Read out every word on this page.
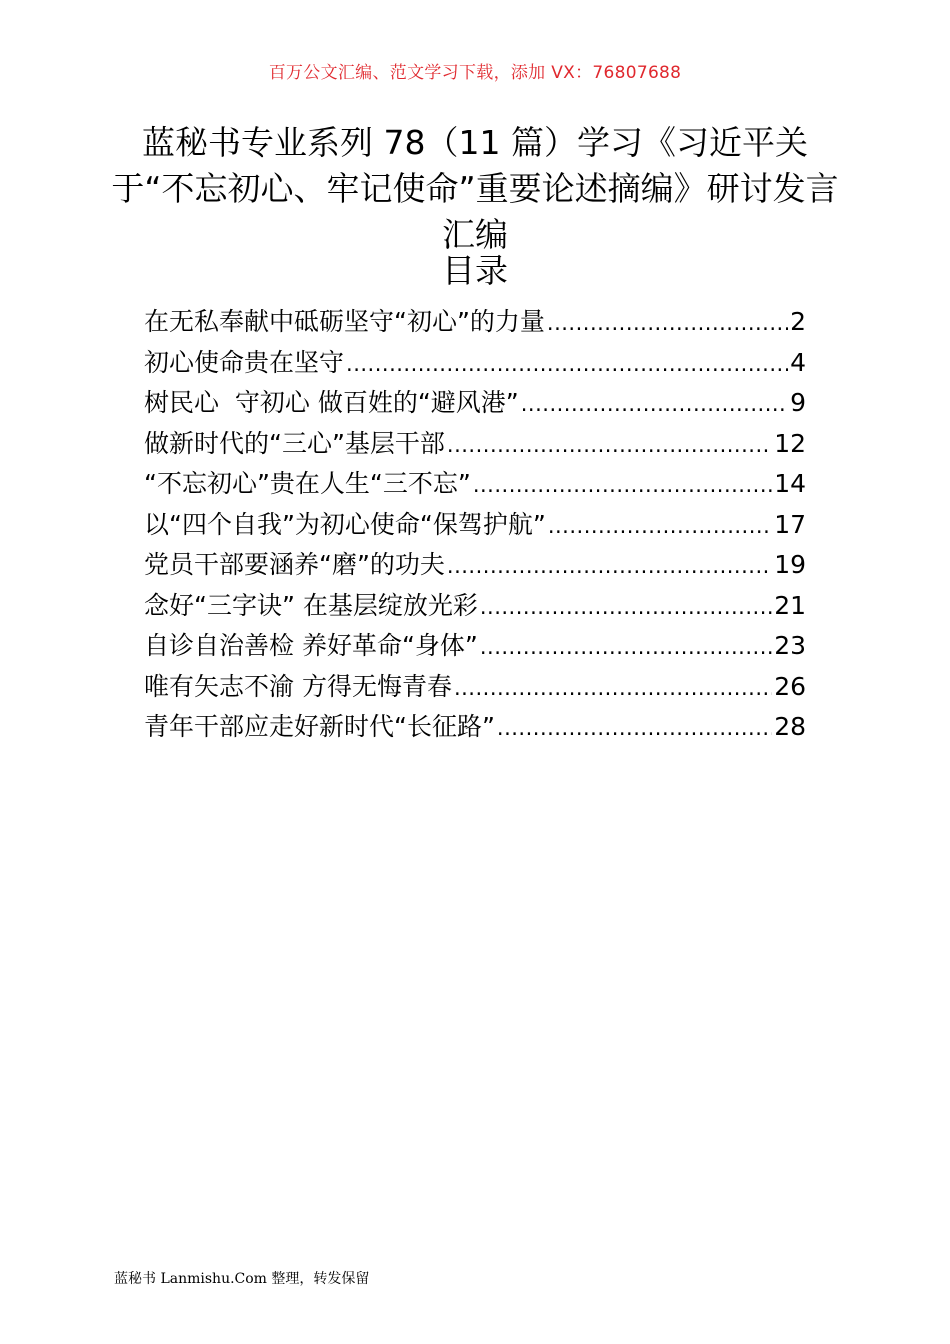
百万公文汇编、范文学习下载，添加 VX：76807688
蓝秘书专业系列 78（11 篇）学习《习近平关于“不忘初心、牢记使命”重要论述摘编》研讨发言汇编
目录
在无私奉献中砥砺坚守“初心”的力量 .....	2
初心使命贵在坚守 .....	4
树民心  守初心 做百姓的“避风港” .....	9
做新时代的“三心”基层干部 .....	12
“不忘初心”贵在人生“三不忘” .....	14
以“四个自我”为初心使命“保驾护航” .....	17
党员干部要涵养“磨”的功夫 .....	19
念好“三字诀” 在基层绽放光彩 .....	21
自诊自治善检 养好革命“身体” .....	23
唯有矢志不渝 方得无悔青春 .....	26
青年干部应走好新时代“长征路” .....	28
蓝秘书 Lanmishu.Com 整理，转发保留
